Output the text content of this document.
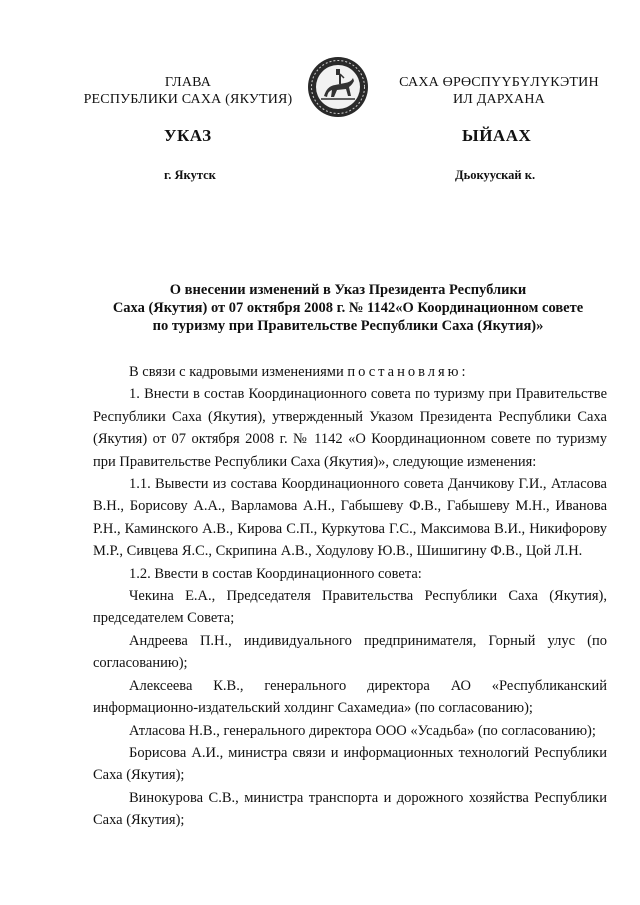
ГЛАВА
РЕСПУБЛИКИ САХА (ЯКУТИЯ)
САХА ӨРӨСПҮҮБҮЛҮКЭТИН
ИЛ ДАРХАНА
УКАЗ	ЫЙААХ
г. Якутск	Дьокуускай к.
О внесении изменений в Указ Президента Республики
Саха (Якутия) от 07 октября 2008 г. № 1142«О Координационном совете
по туризму при Правительстве Республики Саха (Якутия)»

В связи с кадровыми изменениями постановляю:

1. Внести в состав Координационного совета по туризму при Правительстве Республики Саха (Якутия), утвержденный Указом Президента Республики Саха (Якутия) от 07 октября 2008 г. № 1142 «О Координационном совете по туризму при Правительстве Республики Саха (Якутия)», следующие изменения:

1.1. Вывести из состава Координационного совета Данчикову Г.И., Атласова В.Н., Борисову А.А., Варламова А.Н., Габышеву Ф.В., Габышеву М.Н., Иванова Р.Н., Каминского А.В., Кирова С.П., Куркутова Г.С., Максимова В.И., Никифорову М.Р., Сивцева Я.С., Скрипина А.В., Ходулову Ю.В., Шишигину Ф.В., Цой Л.Н.

1.2. Ввести в состав Координационного совета:

Чекина Е.А., Председателя Правительства Республики Саха (Якутия), председателем Совета;

Андреева П.Н., индивидуального предпринимателя, Горный улус (по согласованию);

Алексеева К.В., генерального директора АО «Республиканский информационно-издательский холдинг Сахамедиа» (по согласованию);

Атласова Н.В., генерального директора ООО «Усадьба» (по согласованию);

Борисова А.И., министра связи и информационных технологий Республики Саха (Якутия);

Винокурова С.В., министра транспорта и дорожного хозяйства Республики Саха (Якутия);
